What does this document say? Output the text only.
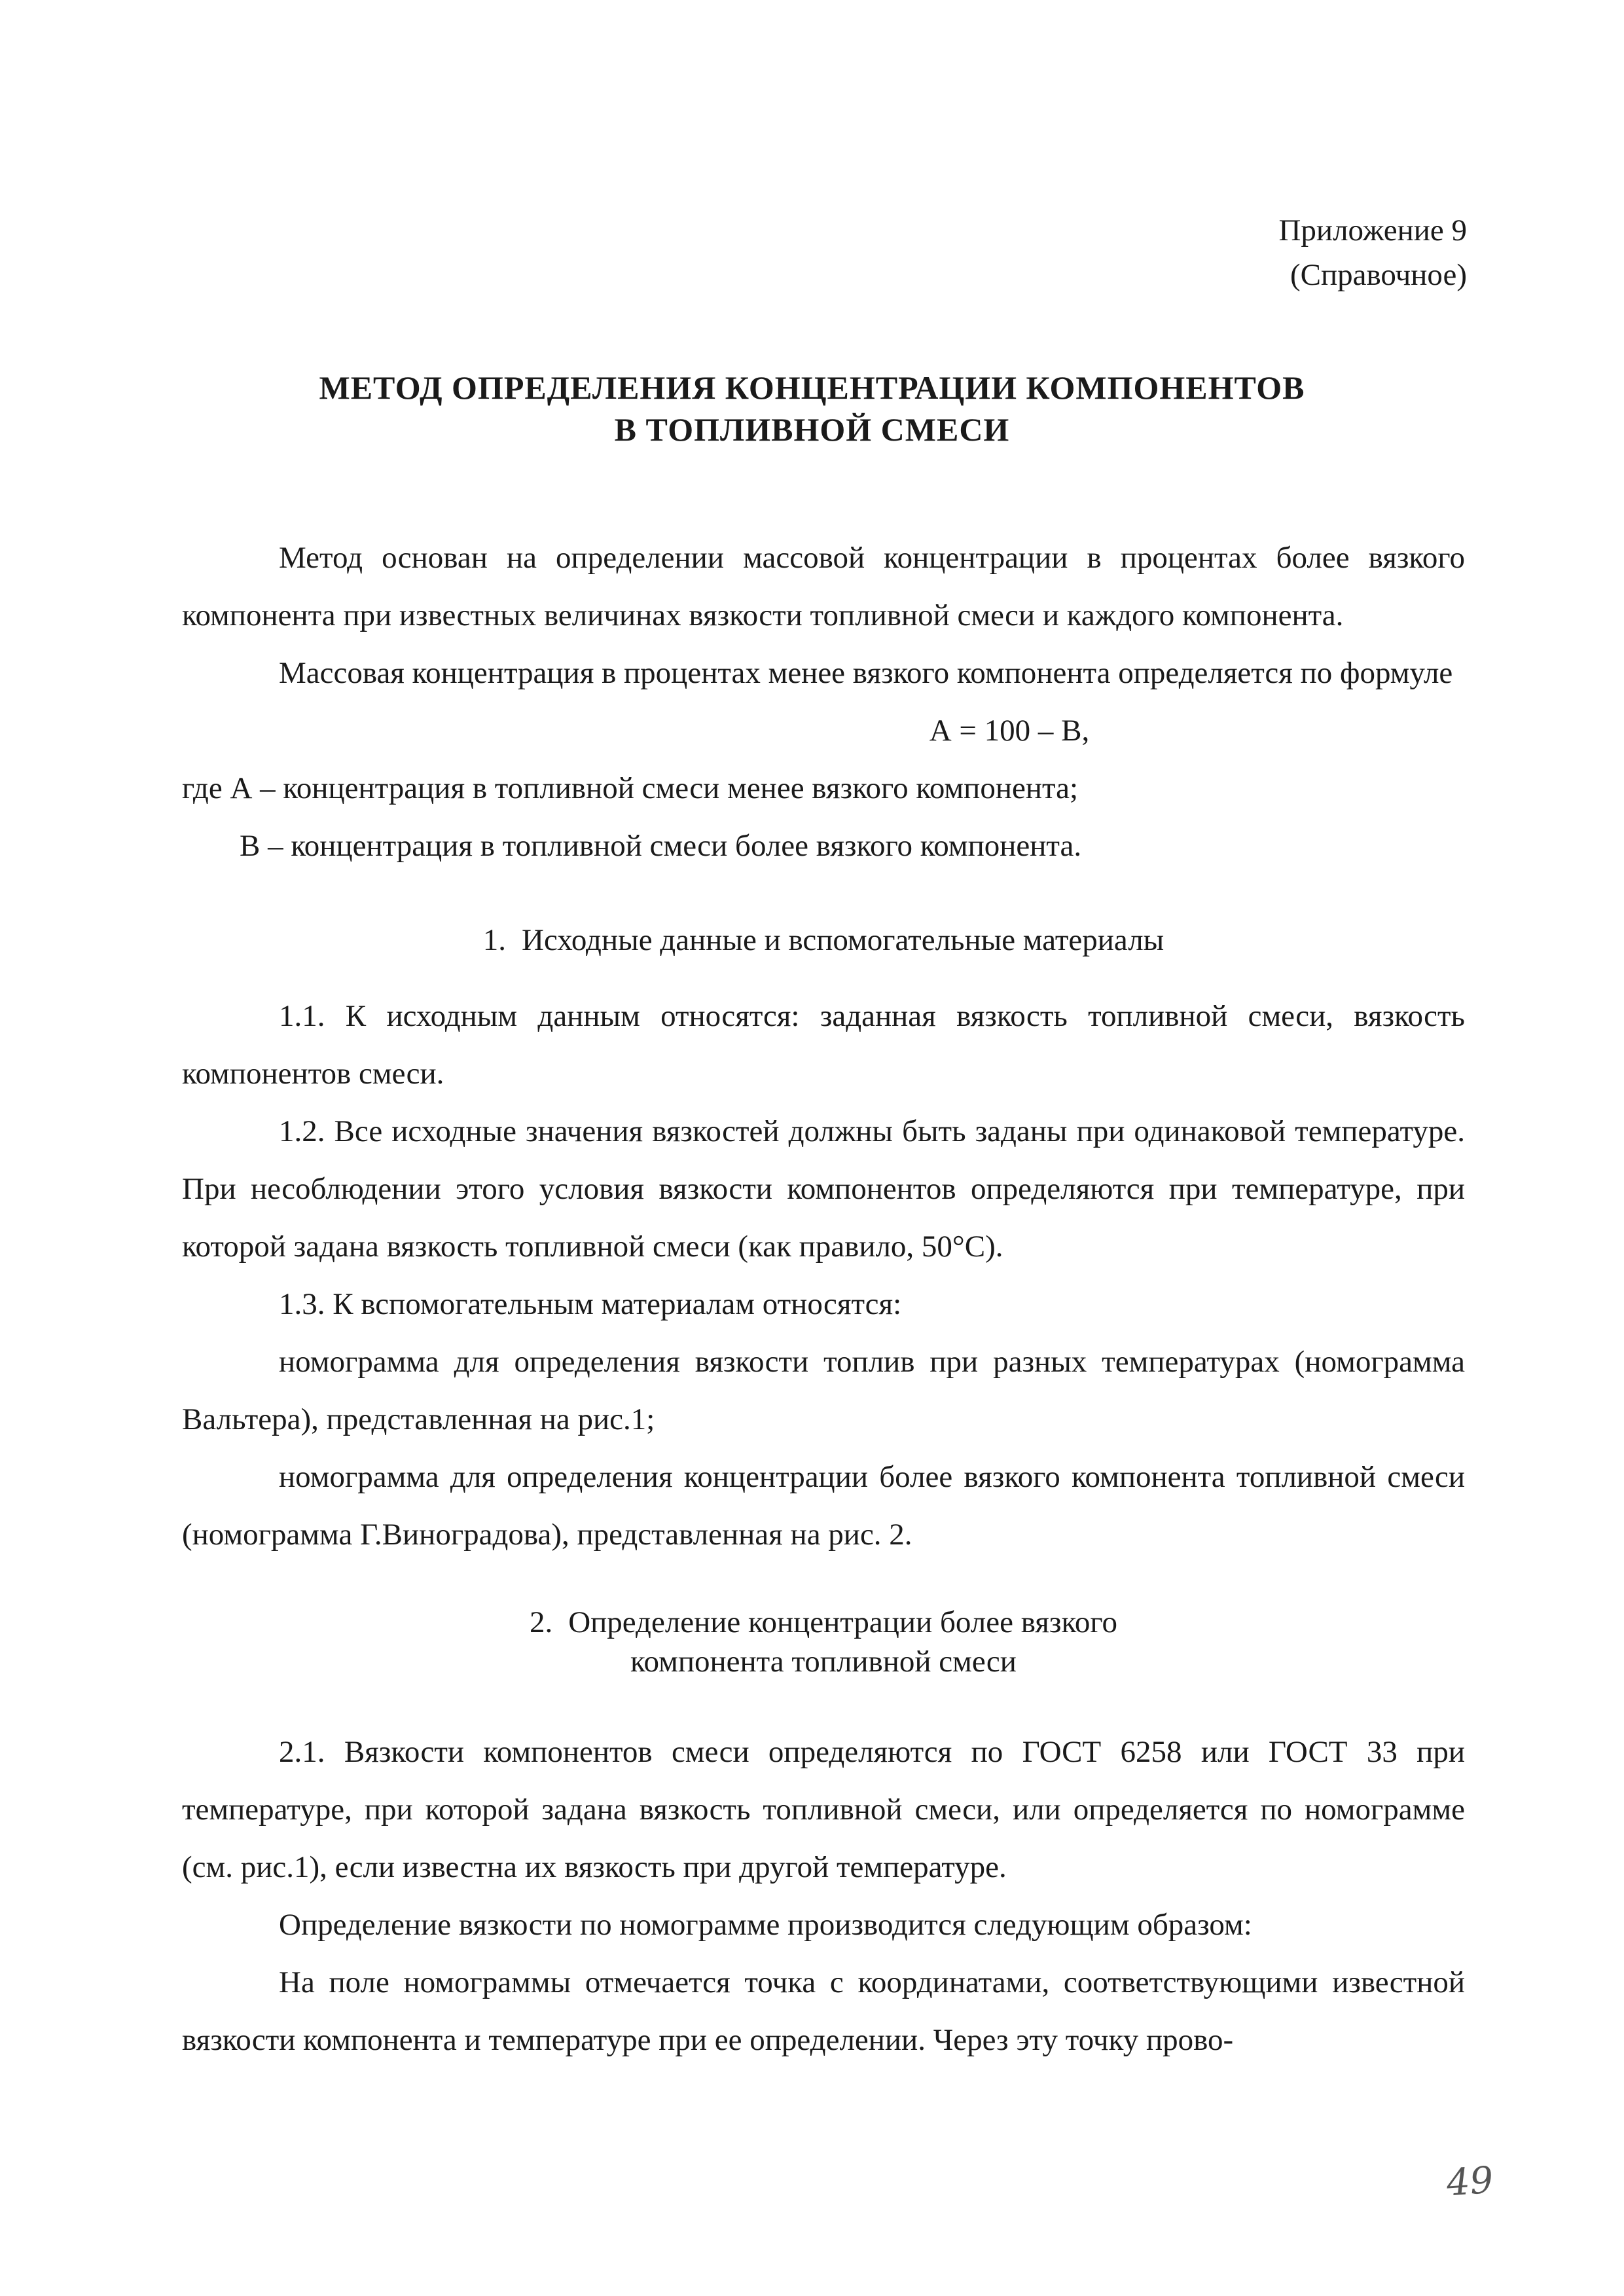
Приложение 9
(Справочное)
МЕТОД ОПРЕДЕЛЕНИЯ КОНЦЕНТРАЦИИ КОМПОНЕНТОВ
В ТОПЛИВНОЙ СМЕСИ

Метод основан на определении массовой концентрации в процентах более вязкого компонента при известных величинах вязкости топливной смеси и каждого компонента.

Массовая концентрация в процентах менее вязкого компонента определяется по формуле

А = 100 – В,

где А – концентрация в топливной смеси менее вязкого компонента;

В – концентрация в топливной смеси более вязкого компонента.

1. Исходные данные и вспомогательные материалы

1.1. К исходным данным относятся: заданная вязкость топливной смеси, вязкость компонентов смеси.

1.2. Все исходные значения вязкостей должны быть заданы при одинаковой температуре. При несоблюдении этого условия вязкости компонентов определяются при температуре, при которой задана вязкость топливной смеси (как правило, 50°С).

1.3. К вспомогательным материалам относятся:

номограмма для определения вязкости топлив при разных температурах (номограмма Вальтера), представленная на рис.1;

номограмма для определения концентрации более вязкого компонента топливной смеси (номограмма Г.Виноградова), представленная на рис. 2.

2. Определение концентрации более вязкого
компонента топливной смеси

2.1. Вязкости компонентов смеси определяются по ГОСТ 6258 или ГОСТ 33 при температуре, при которой задана вязкость топливной смеси, или определяется по номограмме (см. рис.1), если известна их вязкость при другой температуре.

Определение вязкости по номограмме производится следующим образом:

На поле номограммы отмечается точка с координатами, соответствующими известной вязкости компонента и температуре при ее определении. Через эту точку прово-

49
